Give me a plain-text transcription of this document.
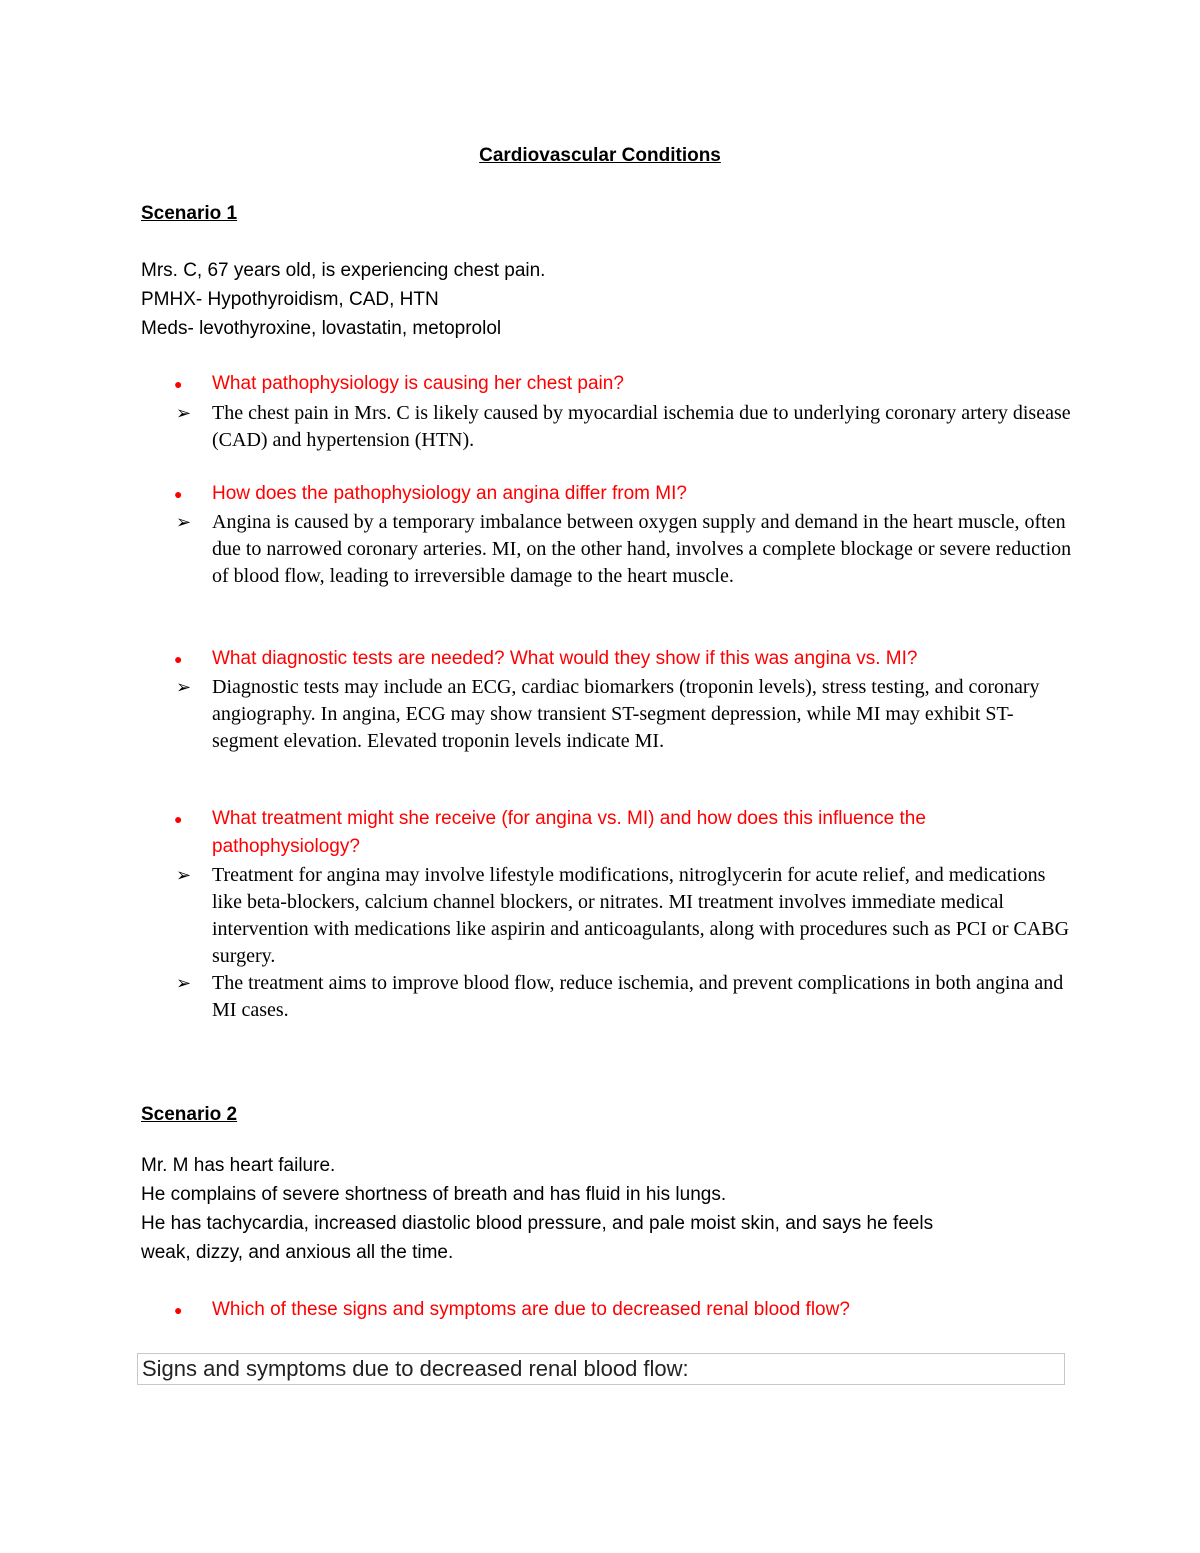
Cardiovascular Conditions
Scenario 1
Mrs. C, 67 years old, is experiencing chest pain.
PMHX- Hypothyroidism, CAD, HTN
Meds- levothyroxine, lovastatin, metoprolol
● What pathophysiology is causing her chest pain?
➢ The chest pain in Mrs. C is likely caused by myocardial ischemia due to underlying coronary artery disease (CAD) and hypertension (HTN).
● How does the pathophysiology an angina differ from MI?
➢ Angina is caused by a temporary imbalance between oxygen supply and demand in the heart muscle, often due to narrowed coronary arteries. MI, on the other hand, involves a complete blockage or severe reduction of blood flow, leading to irreversible damage to the heart muscle.
● What diagnostic tests are needed? What would they show if this was angina vs. MI?
➢ Diagnostic tests may include an ECG, cardiac biomarkers (troponin levels), stress testing, and coronary angiography. In angina, ECG may show transient ST-segment depression, while MI may exhibit ST-segment elevation. Elevated troponin levels indicate MI.
● What treatment might she receive (for angina vs. MI) and how does this influence the pathophysiology?
➢ Treatment for angina may involve lifestyle modifications, nitroglycerin for acute relief, and medications like beta-blockers, calcium channel blockers, or nitrates. MI treatment involves immediate medical intervention with medications like aspirin and anticoagulants, along with procedures such as PCI or CABG surgery.
➢ The treatment aims to improve blood flow, reduce ischemia, and prevent complications in both angina and MI cases.
Scenario 2
Mr. M has heart failure.
He complains of severe shortness of breath and has fluid in his lungs.
He has tachycardia, increased diastolic blood pressure, and pale moist skin, and says he feels
weak, dizzy, and anxious all the time.
● Which of these signs and symptoms are due to decreased renal blood flow?
Signs and symptoms due to decreased renal blood flow:
